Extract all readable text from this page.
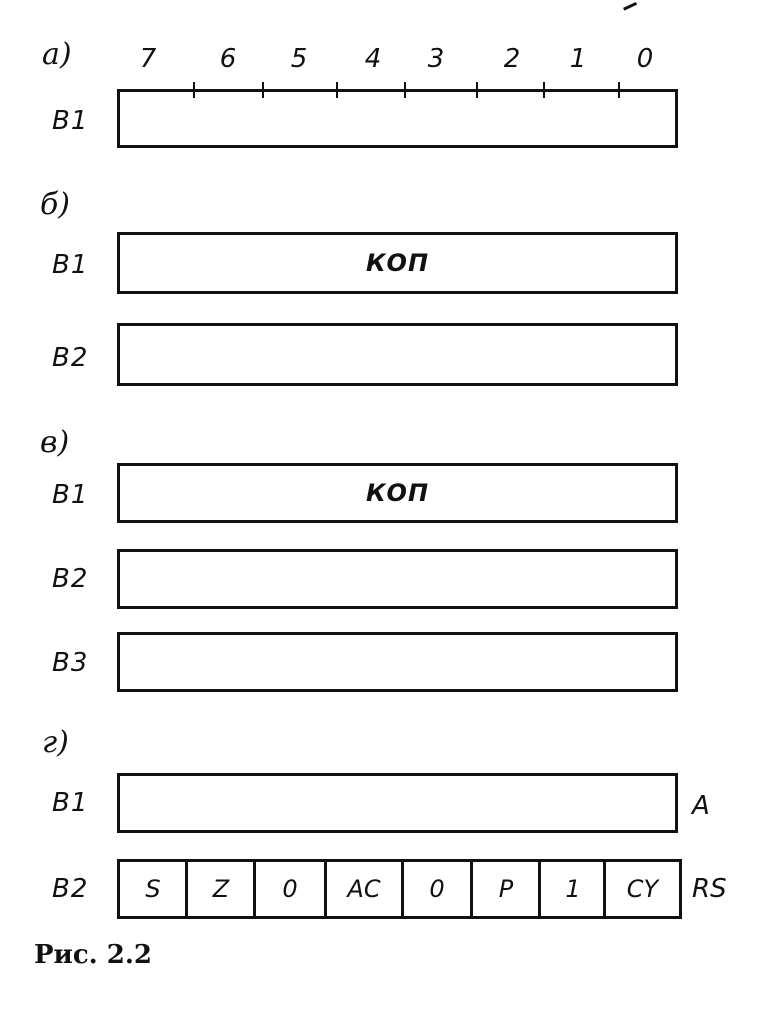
а)	7 6 5 4 3 2 1 0
B1
б)
B1	КОП
B2
в)
B1	КОП
B2
B3
г)
B1	A
B2	S	Z	0	AC	0	P	1	CY	RS
Рис. 2.2
